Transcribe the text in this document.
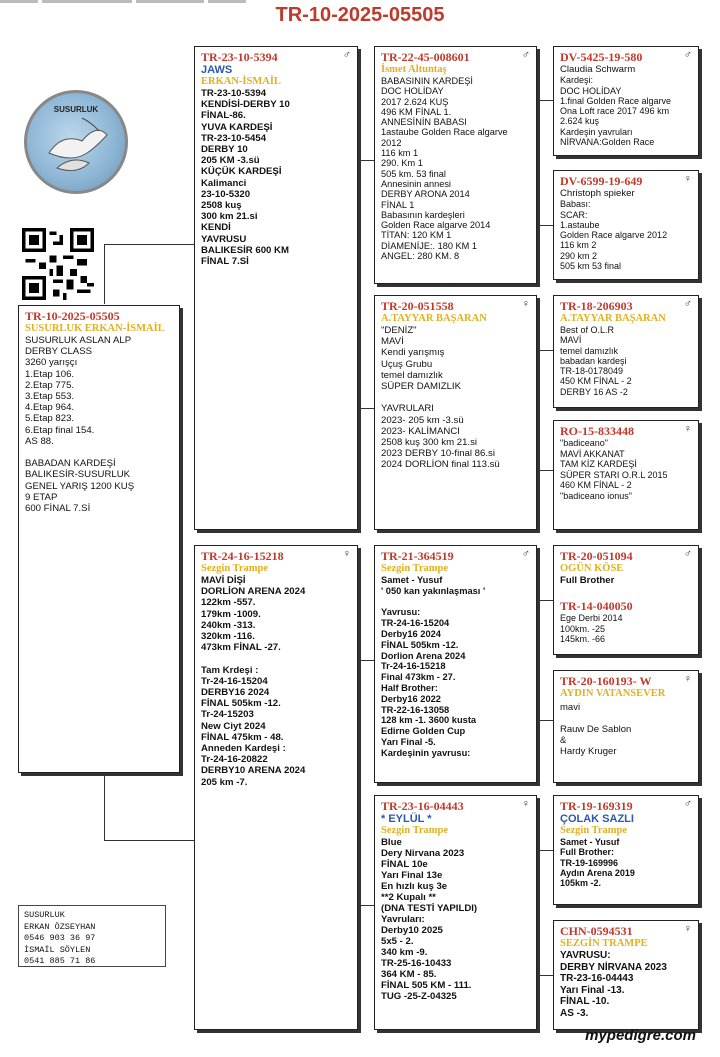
TR-10-2025-05505
SUSURLUK
TR-10-2025-05505
SUSURLUK ERKAN-İSMAİL
SUSURLUK ASLAN ALP
DERBY CLASS
3260 yarışçı
1.Etap 106.
2.Etap 775.
3.Etap 553.
4.Etap 964.
5.Etap 823.
6.Etap final 154.
AS 88.

BABADAN KARDEŞİ
BALIKESİR-SUSURLUK
GENEL YARIŞ 1200 KUŞ
9 ETAP
600 FİNAL 7.Sİ
♂
TR-23-10-5394
JAWS
ERKAN-İSMAİL
TR-23-10-5394
KENDİSİ-DERBY 10
FİNAL-86.
YUVA KARDEŞİ
TR-23-10-5454
DERBY 10
205 KM -3.sü
KÜÇÜK KARDEŞİ
Kalimanci
23-10-5320
2508 kuş
300 km 21.si
KENDİ
YAVRUSU
BALIKESİR 600 KM
FİNAL 7.Sİ
♀
TR-24-16-15218
Sezgin Trampe
MAVİ DİŞİ
DORLİON ARENA 2024
122km -557.
179km -1009.
240km -313.
320km -116.
473km FİNAL -27.

Tam Krdeşi :
Tr-24-16-15204
DERBY16 2024
FİNAL 505km -12.
Tr-24-15203
New Ciyt 2024
FİNAL 475km - 48.
Anneden Kardeşi :
Tr-24-16-20822
DERBY10 ARENA 2024
205 km -7.
♂
TR-22-45-008601
İsmet Altuntaş
BABASININ KARDEŞİ
DOC HOLİDAY
2017 2.624 KUŞ
496 KM FİNAL 1.
ANNESİNİN BABASI
1astaube Golden Race algarve
2012
116 km 1
290. Km 1
505 km. 53 final
Annesinin annesi
DERBY ARONA 2014
FİNAL 1
Babasının kardeşleri
Golden Race algarve 2014
TİTAN: 120 KM 1
DİAMENİJE:. 180 KM 1
ANGEL: 280 KM. 8
♀
TR-20-051558
A.TAYYAR BAŞARAN
"DENİZ"
MAVİ
Kendi yarışmış
Uçuş Grubu
temel damızlık
SÜPER DAMIZLIK

YAVRULARI
2023- 205 km -3.sü
2023- KALİMANCI
2508 kuş 300 km 21.si
2023 DERBY 10-final 86.si
2024 DORLİON final 113.sü
♂
TR-21-364519
Sezgin Trampe
Samet - Yusuf
' 050 kan yakınlaşması '

Yavrusu:
TR-24-16-15204
Derby16 2024
FİNAL 505km -12.
Dorlion Arena 2024
Tr-24-16-15218
Final 473km - 27.
Half Brother:
Derby16 2022
TR-22-16-13058
128 km -1. 3600 kusta
Edirne Golden Cup
Yarı Final -5.
Kardeşinin yavrusu:
♀
TR-23-16-04443
* EYLÜL *
Sezgin Trampe
Blue
Dery Nirvana 2023
FİNAL 10e
Yarı Final 13e
En hızlı kuş 3e
**2 Kupalı **
(DNA TESTİ YAPILDI)
Yavruları:
Derby10 2025
5x5 - 2.
340 km -9.
TR-25-16-10433
364 KM - 85.
FİNAL 505 KM - 111.
TUG -25-Z-04325
♂
DV-5425-19-580
Claudia Schwarm
Kardeşi:
DOC HOLİDAY
1.final Golden Race algarve
Ona Loft race 2017 496 km
2.624 kuş
Kardeşin yavruları
NİRVANA:Golden Race
♀
DV-6599-19-649
Christoph spieker
Babası:
SCAR:
1.astaube
Golden Race algarve 2012
116 km 2
290 km 2
505 km 53 final
♂
TR-18-206903
A.TAYYAR BAŞARAN
Best of O.L.R
MAVİ
temel damızlık
babadan kardeşi
TR-18-0178049
450 KM FİNAL - 2
DERBY 16 AS -2
♀
RO-15-833448
"badiceano"
MAVİ AKKANAT
TAM KİZ KARDEŞİ
SÜPER STARI O.R.L 2015
460 KM FİNAL - 2
"badiceano ionus"
♂
TR-20-051094
OGÜN KÖSE
Full Brother
TR-14-040050
Ege Derbi 2014
100km. -25
145km. -66
♀
TR-20-160193- W
AYDIN VATANSEVER
mavi

Rauw De Sablon
&
Hardy Kruger
♂
TR-19-169319
ÇOLAK SAZLI
Sezgin Trampe
Samet - Yusuf
Full Brother:
TR-19-169996
Aydın Arena 2019
105km -2.
♀
CHN-0594531
SEZGİN TRAMPE
YAVRUSU:
DERBY NİRVANA 2023
TR-23-16-04443
Yarı Final -13.
FİNAL -10.
AS -3.
SUSURLUK
ERKAN ÖZSEYHAN
0546 903 36 97
İSMAİL SÖYLEN
0541 885 71 86
mypedigre.com
